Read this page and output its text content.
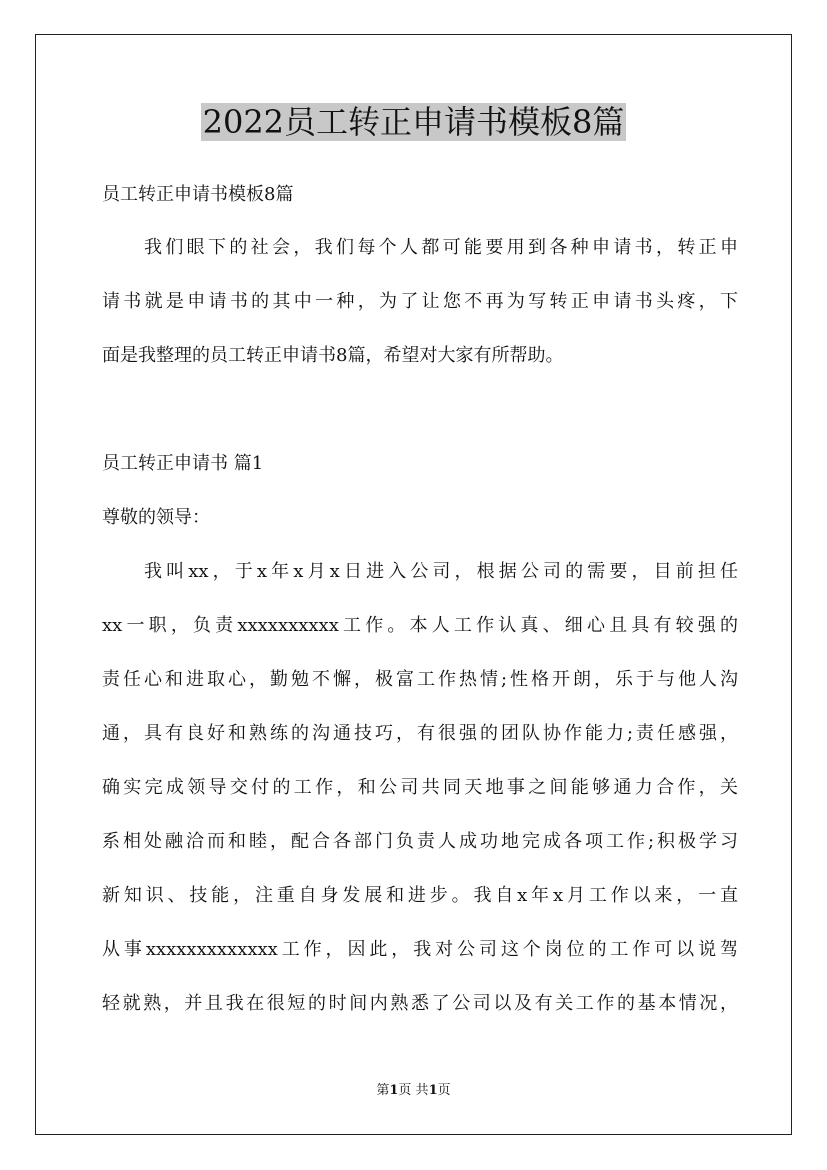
2022员工转正申请书模板8篇
员工转正申请书模板8篇
我们眼下的社会，我们每个人都可能要用到各种申请书，转正申
请书就是申请书的其中一种，为了让您不再为写转正申请书头疼，下
面是我整理的员工转正申请书8篇，希望对大家有所帮助。
员工转正申请书 篇1
尊敬的领导：
我叫xx，于x年x月x日进入公司，根据公司的需要，目前担任
xx一职，负责xxxxxxxxxx工作。本人工作认真、细心且具有较强的
责任心和进取心，勤勉不懈，极富工作热情;性格开朗，乐于与他人沟
通，具有良好和熟练的沟通技巧，有很强的团队协作能力;责任感强，
确实完成领导交付的工作，和公司共同天地事之间能够通力合作，关
系相处融洽而和睦，配合各部门负责人成功地完成各项工作;积极学习
新知识、技能，注重自身发展和进步。我自x年x月工作以来，一直
从事xxxxxxxxxxxxx工作，因此，我对公司这个岗位的工作可以说驾
轻就熟，并且我在很短的时间内熟悉了公司以及有关工作的基本情况，
第1页 共1页
